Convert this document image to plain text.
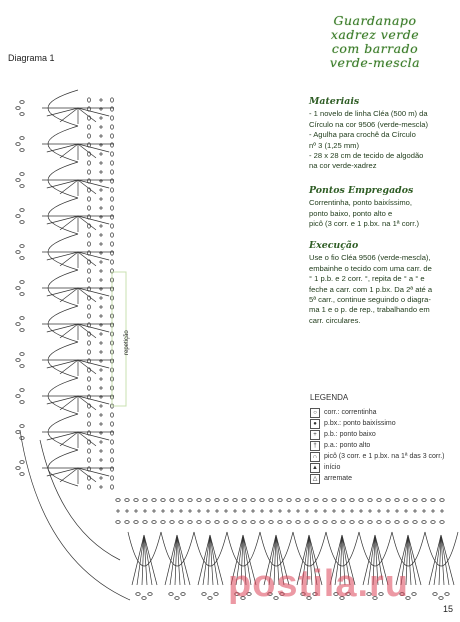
Diagrama 1
repetição
Guardanapo
xadrez verde
com barrado
verde-mescla
Materiais

- 1 novelo de linha Cléa (500 m) da

Círculo na cor 9506 (verde-mescla)

- Agulha para crochê da Círculo

nº 3 (1,25 mm)

- 28 x 28 cm de tecido de algodão

na cor verde-xadrez

Pontos Empregados

Correntinha, ponto baixíssimo,

ponto baixo, ponto alto e

picô (3 corr. e 1 p.bx. na 1ª corr.)

Execução

Use o fio Cléa 9506 (verde-mescla),

embainhe o tecido com uma carr. de

° 1 p.b. e 2 corr. °, repita de ° a ° e

feche a carr. com 1 p.bx. Da 2ª até a

5ª carr., continue seguindo o diagra-

ma 1 e o p. de rep., trabalhando em

carr. circulares.

LEGENDA
○	corr.: correntinha
●	p.bx.: ponto baixíssimo
+	p.b.: ponto baixo
†	p.a.: ponto alto
∩ picô (3 corr. e 1 p.bx. na 1ª das 3 corr.)
▲ início
△ arremate
postila.ru
15
